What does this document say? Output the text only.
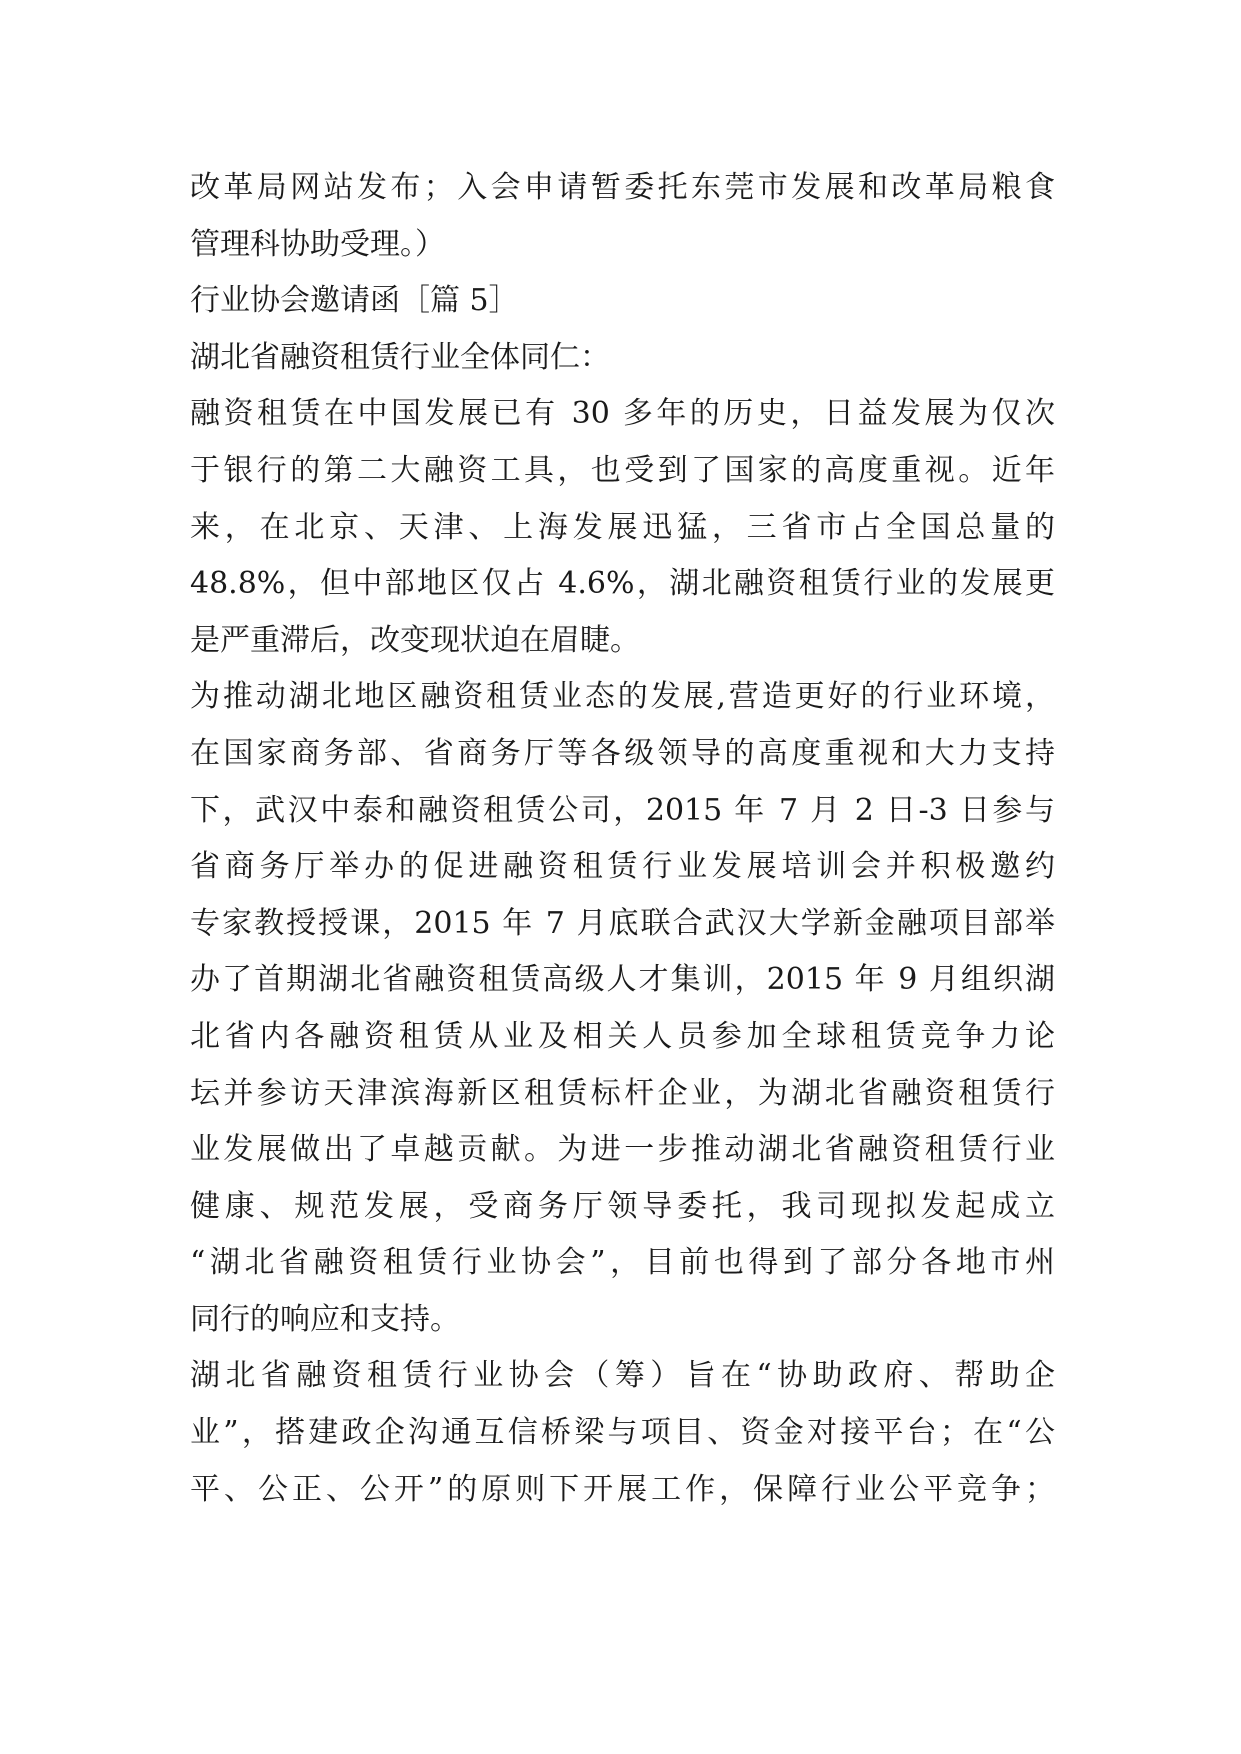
改革局网站发布；入会申请暂委托东莞市发展和改革局粮食
管理科协助受理。）
行业协会邀请函［篇 5］
湖北省融资租赁行业全体同仁：
融资租赁在中国发展已有 30 多年的历史，日益发展为仅次
于银行的第二大融资工具，也受到了国家的高度重视。近年
来，在北京、天津、上海发展迅猛，三省市占全国总量的
48.8%，但中部地区仅占 4.6%，湖北融资租赁行业的发展更
是严重滞后，改变现状迫在眉睫。
为推动湖北地区融资租赁业态的发展,营造更好的行业环境，
在国家商务部、省商务厅等各级领导的高度重视和大力支持
下，武汉中泰和融资租赁公司，2015 年 7 月 2 日-3 日参与
省商务厅举办的促进融资租赁行业发展培训会并积极邀约
专家教授授课，2015 年 7 月底联合武汉大学新金融项目部举
办了首期湖北省融资租赁高级人才集训，2015 年 9 月组织湖
北省内各融资租赁从业及相关人员参加全球租赁竞争力论
坛并参访天津滨海新区租赁标杆企业，为湖北省融资租赁行
业发展做出了卓越贡献。为进一步推动湖北省融资租赁行业
健康、规范发展，受商务厅领导委托，我司现拟发起成立
“湖北省融资租赁行业协会”，目前也得到了部分各地市州
同行的响应和支持。
湖北省融资租赁行业协会（筹）旨在“协助政府、帮助企
业”，搭建政企沟通互信桥梁与项目、资金对接平台；在“公
平、公正、公开”的原则下开展工作，保障行业公平竞争；
